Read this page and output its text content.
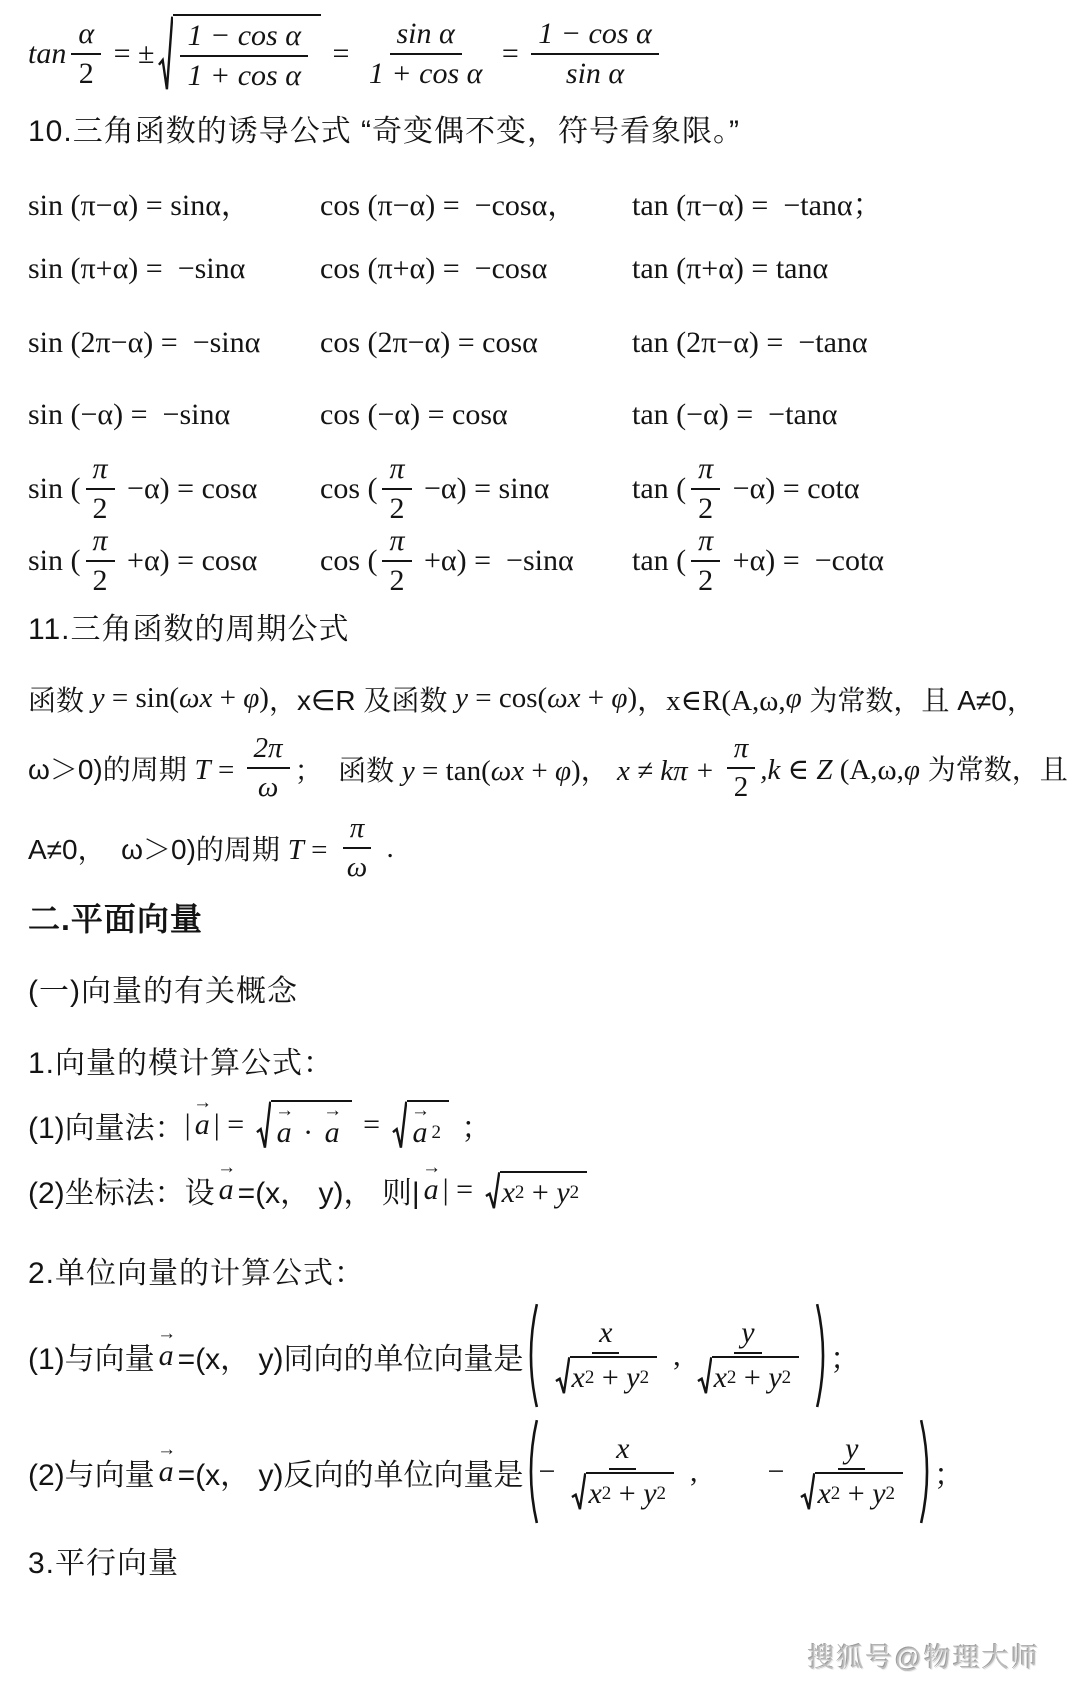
$\tan \frac{\alpha}{2}$ = ± $\frac{\text{1 − cos α}}{\text{1 + cos α}} = \frac{\text{sin α}}{\text{1 + cos α}} = \frac{\text{1 − cos α}}{\text{sin α}}$
10.三角函数的诱导公式 “奇变偶不变，符号看象限。”
sin (π−α) = sinα，	cos (π−α) =  −cosα，	tan (π−α) =  −tanα；
sin (π+α) =  −sinα	cos (π+α) =  −cosα	tan (π+α) = tanα
sin (2π−α) =  −sinα	cos (2π−α) = cosα	tan (2π−α) =  −tanα
sin (−α) =  −sinα	cos (−α) = cosα	tan (−α) =  −tanα
sin ( $\frac{\pi}{2} -\alpha) = \cos\alpha$ cos ( $\frac{\pi}{2} -\alpha) = \sin\alpha$	tan ( $\frac{\pi}{2} -\alpha) = \cot\alpha$
sin ( $\frac{\pi}{2} +\alpha) = \cos\alpha$ cos ( $\frac{\pi}{2} +\alpha) = -\sin\alpha$ tan ( $\frac{\pi}{2} +\alpha) = -\cot\alpha$
11.三角函数的周期公式
函数 y = sin( ωx + φ ) ，x∈R 及函数 y = cos( ωx + φ ) ，x∈R(A,ω, φ 为常数，且 A≠0，
ω＞0)的周期 $T = \frac{2\pi}{\omega}$ ；  函数 y = tan(ωx + φ)， $x \ne k\pi + \frac{\pi}{2} ,k$ ∈ Z (A,ω,φ 为常数，且
A≠0，  ω＞0)的周期 $T = \frac{\pi}{\omega}$ .
二.平面向量
(一)向量的有关概念
1.向量的模计算公式：
(1)向量法： |
→
a | = →
a ·
→
a = →
a 2 ；
(2)坐标法：设
→
a =(x， y)， 则|
→
a | = x 2 + y 2
2.单位向量的计算公式：
(1)与向量
→
a =(x， y)同向的单位向量是 $\frac{x}{x 2 + y 2}$ , $\frac{y}{x 2 + y 2}$ ；
(2)与向量
→
a =(x， y)反向的单位向量是 − $\frac{x}{x 2 + y 2}$ , − $\frac{y}{x 2 + y 2}$ ；
3.平行向量
搜狐号@物理大师
